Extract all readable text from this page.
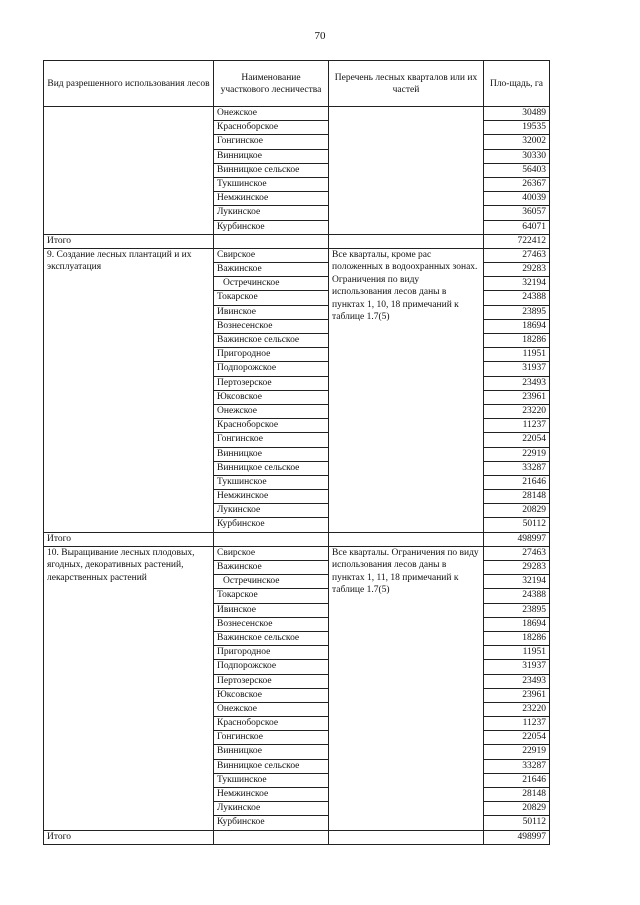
70
Вид разрешенного использования лесов	Наименование участкового лесничества	Перечень лесных кварталов или их частей	Пло-щадь, га
	Онежское		30489
	Красноборское		19535
	Гонгинское		32002
	Винницкое		30330
	Винницкое сельское		56403
	Тукшинское		26367
	Немжинское		40039
	Лукинское		36057
	Курбинское		64071
Итого			722412
9. Создание лесных плантаций и их эксплуатация	Свирское	Все кварталы, кроме рас положенных в водоохранных зонах. Ограничения по виду использования лесов даны в пунктах 1, 10, 18 примечаний к таблице 1.7(5)	27463
	Важинское		29283
	Остречинское		32194
	Токарское		24388
	Ивинское		23895
	Вознесенское		18694
	Важинское сельское		18286
	Пригородное		11951
	Подпорожское		31937
	Пертозерское		23493
	Юксовское		23961
	Онежское		23220
	Красноборское		11237
	Гонгинское		22054
	Винницкое		22919
	Винницкое сельское		33287
	Тукшинское		21646
	Немжинское		28148
	Лукинское		20829
	Курбинское		50112
Итого			498997
10. Выращивание лесных плодовых, ягодных, декоративных растений, лекарственных растений	Свирское	Все кварталы. Ограничения по виду использования лесов даны в пунктах 1, 11, 18 примечаний к таблице 1.7(5)	27463
	Важинское		29283
	Остречинское		32194
	Токарское		24388
	Ивинское		23895
	Вознесенское		18694
	Важинское сельское		18286
	Пригородное		11951
	Подпорожское		31937
	Пертозерское		23493
	Юксовское		23961
	Онежское		23220
	Красноборское		11237
	Гонгинское		22054
	Винницкое		22919
	Винницкое сельское		33287
	Тукшинское		21646
	Немжинское		28148
	Лукинское		20829
	Курбинское		50112
Итого			498997
